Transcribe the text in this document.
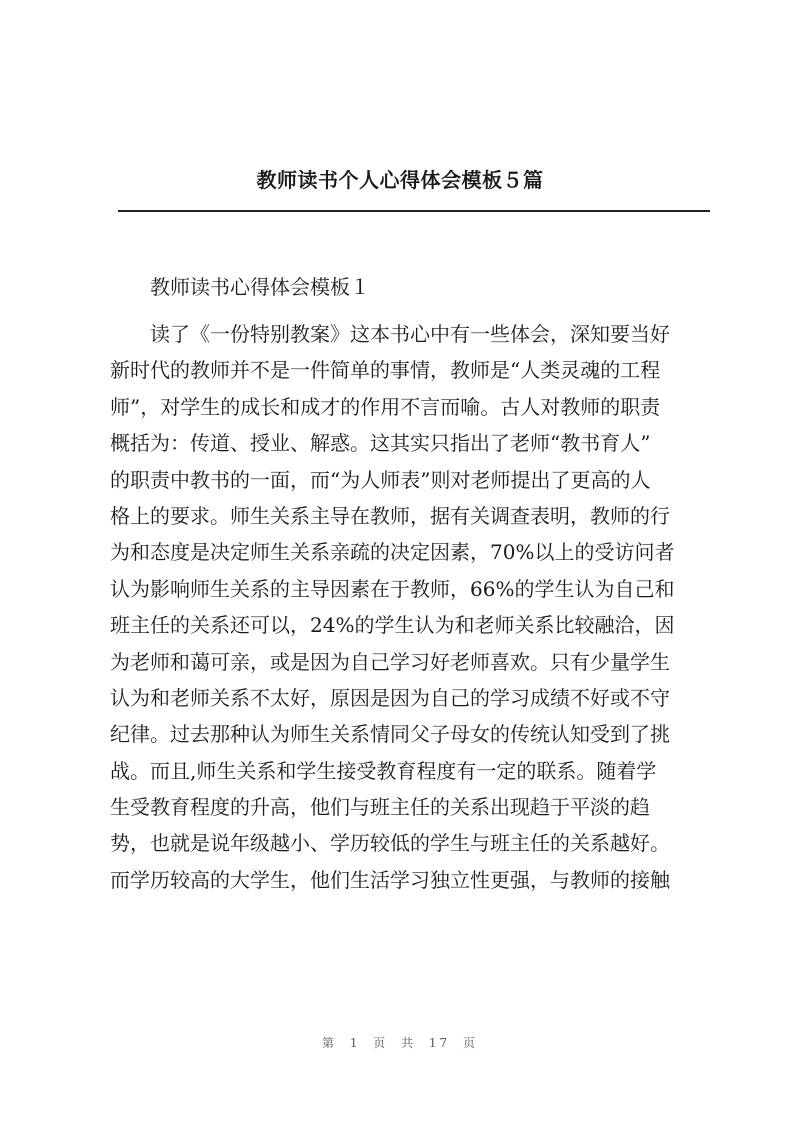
教师读书个人心得体会模板５篇
教师读书心得体会模板１
读了《一份特别教案》这本书心中有一些体会，深知要当好
新时代的教师并不是一件简单的事情，教师是“人类灵魂的工程
师”，对学生的成长和成才的作用不言而喻。古人对教师的职责
概括为：传道、授业、解惑。这其实只指出了老师“教书育人”
的职责中教书的一面，而“为人师表”则对老师提出了更高的人
格上的要求。师生关系主导在教师，据有关调查表明，教师的行
为和态度是决定师生关系亲疏的决定因素，70%以上的受访问者
认为影响师生关系的主导因素在于教师，66%的学生认为自己和
班主任的关系还可以，24%的学生认为和老师关系比较融洽，因
为老师和蔼可亲，或是因为自己学习好老师喜欢。只有少量学生
认为和老师关系不太好，原因是因为自己的学习成绩不好或不守
纪律。过去那种认为师生关系情同父子母女的传统认知受到了挑
战。而且,师生关系和学生接受教育程度有一定的联系。随着学
生受教育程度的升高，他们与班主任的关系出现趋于平淡的趋
势，也就是说年级越小、学历较低的学生与班主任的关系越好。
而学历较高的大学生，他们生活学习独立性更强，与教师的接触
第 1 页 共 17 页
